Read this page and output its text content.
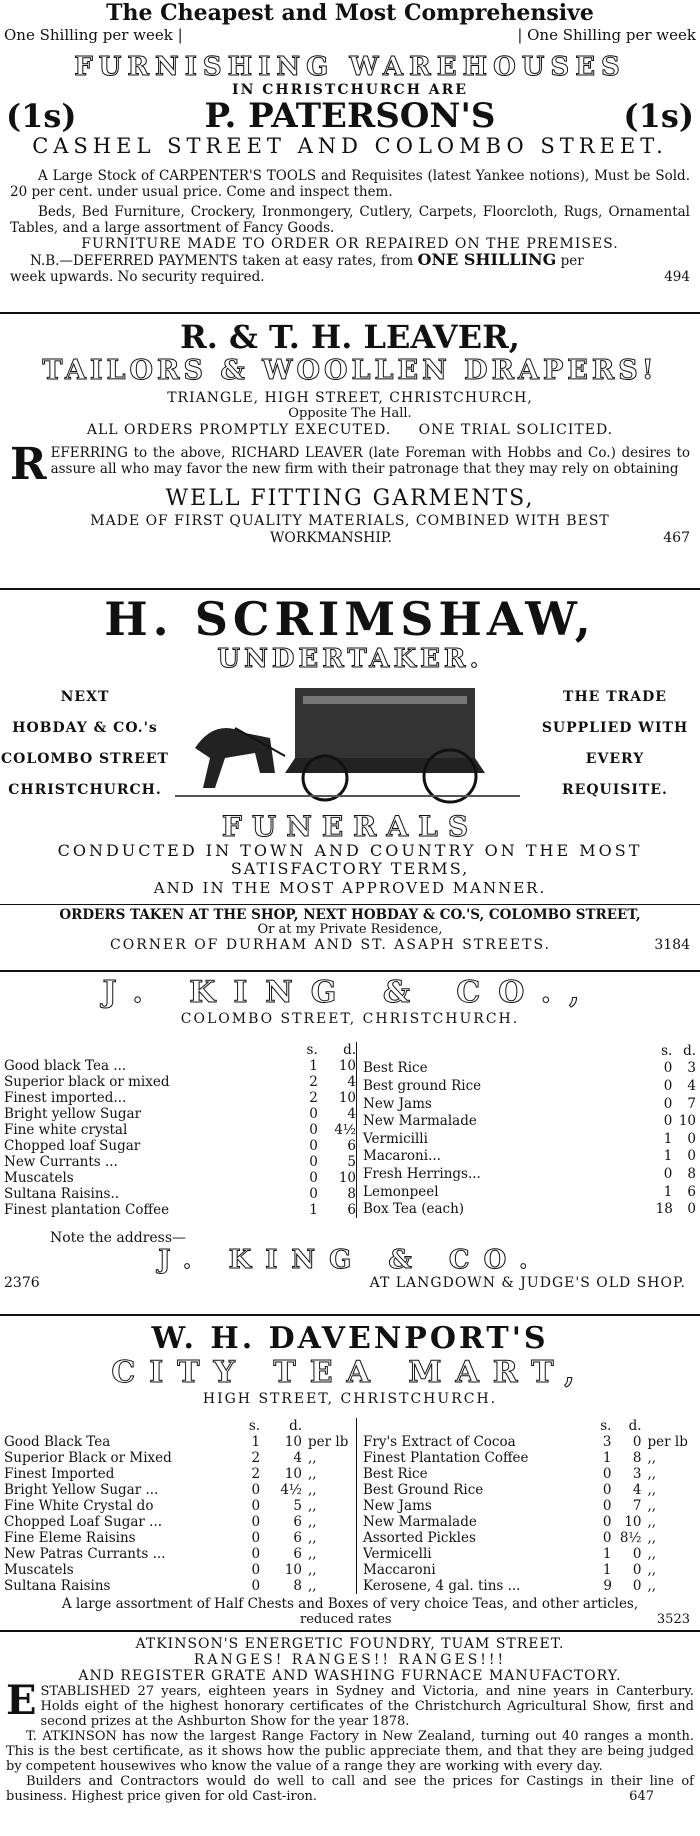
The Cheapest and Most Comprehensive

One Shilling per week |	| One Shilling per week

FURNISHING WAREHOUSES

IN CHRISTCHURCH ARE

(1s)	P. PATERSON'S	(1s)

CASHEL STREET AND COLOMBO STREET.

A Large Stock of CARPENTER'S TOOLS and Requisites (latest Yankee notions), Must be Sold. 20 per cent. under usual price. Come and inspect them.

Beds, Bed Furniture, Crockery, Ironmongery, Cutlery, Carpets, Floorcloth, Rugs, Ornamental Tables, and a large assortment of Fancy Goods.

FURNITURE MADE TO ORDER OR REPAIRED ON THE PREMISES.

N.B.—DEFERRED PAYMENTS taken at easy rates, from ONE SHILLING per

week upwards. No security required.	494

R. & T. H. LEAVER,

TAILORS & WOOLLEN DRAPERS!

TRIANGLE, HIGH STREET, CHRISTCHURCH,

Opposite The Hall.

ALL ORDERS PROMPTLY EXECUTED. ONE TRIAL SOLICITED.
R EFERRING to the above, RICHARD LEAVER (late Foreman with Hobbs and Co.) desires to assure all who may favor the new firm with their patronage that they may rely on obtaining

WELL FITTING GARMENTS,

MADE OF FIRST QUALITY MATERIALS, COMBINED WITH BEST

WORKMANSHIP.	467

H. SCRIMSHAW,

UNDERTAKER.

NEXT

HOBDAY & CO.'s

COLOMBO STREET

CHRISTCHURCH.

THE TRADE

SUPPLIED WITH

EVERY

REQUISITE.

FUNERALS

CONDUCTED IN TOWN AND COUNTRY ON THE MOST

SATISFACTORY TERMS,

AND IN THE MOST APPROVED MANNER.

ORDERS TAKEN AT THE SHOP, NEXT HOBDAY & CO.'S, COLOMBO STREET,

Or at my Private Residence,

CORNER OF DURHAM AND ST. ASAPH STREETS.	3184

J. KING & CO.,

COLOMBO STREET, CHRISTCHURCH.

	s.	d.
Good black Tea ...	1	10
Superior black or mixed	2	4
Finest imported...	2	10
Bright yellow Sugar	0	4
Fine white crystal	0	4½
Chopped loaf Sugar	0	6
New Currants ...	0	5
Muscatels	0	10
Sultana Raisins..	0	8
Finest plantation Coffee	1	6
	s.	d.
Best Rice	0	3
Best ground Rice	0	4
New Jams	0	7
New Marmalade	0	10
Vermicilli	1	0
Macaroni...	1	0
Fresh Herrings...	0	8
Lemonpeel	1	6
Box Tea (each)	18	0

Note the address—

J. KING & CO.

2376	AT LANGDOWN & JUDGE'S OLD SHOP.

W. H. DAVENPORT'S

CITY TEA MART,

HIGH STREET, CHRISTCHURCH.

	s.	d.	
Good Black Tea	1	10	per lb
Superior Black or Mixed	2	4	,,
Finest Imported	2	10	,,
Bright Yellow Sugar ...	0	4½	,,
Fine White Crystal do	0	5	,,
Chopped Loaf Sugar ...	0	6	,,
Fine Eleme Raisins	0	6	,,
New Patras Currants ...	0	6	,,
Muscatels	0	10	,,
Sultana Raisins	0	8	,,
	s.	d.	
Fry's Extract of Cocoa	3	0	per lb
Finest Plantation Coffee	1	8	,,
Best Rice	0	3	,,
Best Ground Rice	0	4	,,
New Jams	0	7	,,
New Marmalade	0	10	,,
Assorted Pickles	0	8½	,,
Vermicelli	1	0	,,
Maccaroni	1	0	,,
Kerosene, 4 gal. tins ...	9	0	,,

A large assortment of Half Chests and Boxes of very choice Teas, and other articles,

reduced rates	3523

ATKINSON'S ENERGETIC FOUNDRY, TUAM STREET.

RANGES! RANGES!! RANGES!!!

AND REGISTER GRATE AND WASHING FURNACE MANUFACTORY.

E STABLISHED 27 years, eighteen years in Sydney and Victoria, and nine years in Canterbury. Holds eight of the highest honorary certificates of the Christchurch Agricultural Show, first and second prizes at the Ashburton Show for the year 1878.

T. ATKINSON has now the largest Range Factory in New Zealand, turning out 40 ranges a month. This is the best certificate, as it shows how the public appreciate them, and that they are being judged by competent housewives who know the value of a range they are working with every day.

Builders and Contractors would do well to call and see the prices for Castings in their line of business. Highest price given for old Cast-iron.	647
